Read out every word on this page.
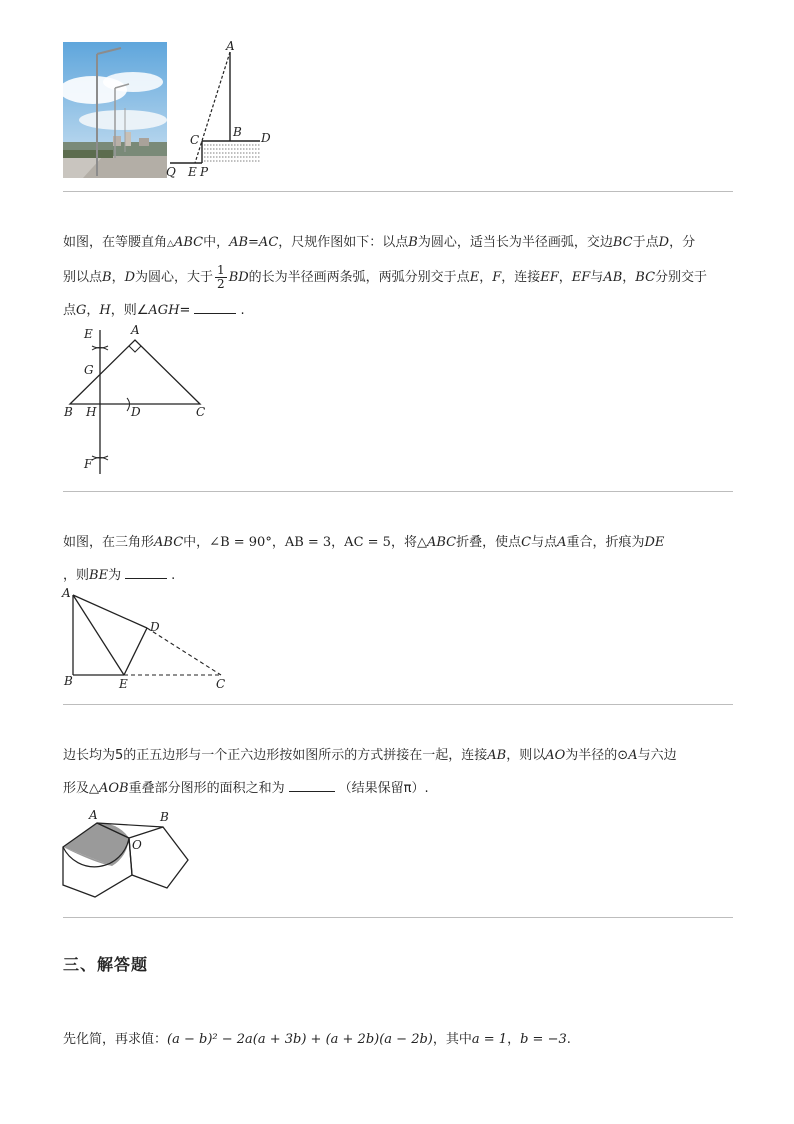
A
B
C	D
Q E P
如图，在等腰直角△ABC中，AB=AC，尺规作图如下：以点B为圆心，适当长为半径画弧，交边BC于点D，分
别以点B，D为圆心，大于 $\frac{1}{2}$ BD的长为半径画两条弧，两弧分别交于点E，F，连接EF，EF与AB，BC分别交于
点G，H，则∠AGH=	.
E	A
G
B H	D	C
F
如图，在三角形ABC中，∠B = 90°，AB = 3，AC = 5，将△ABC折叠，使点C与点A重合，折痕为DE
，则BE为	.
A
D
B	E	C
边长均为5的正五边形与一个正六边形按如图所示的方式拼接在一起，连接AB，则以AO为半径的⊙A与六边
形及△AOB重叠部分图形的面积之和为	（结果保留π）.
A	B
O
三、解答题
先化简，再求值：(a − b)² − 2a(a + 3b) + (a + 2b)(a − 2b)，其中a = 1，b = −3.
